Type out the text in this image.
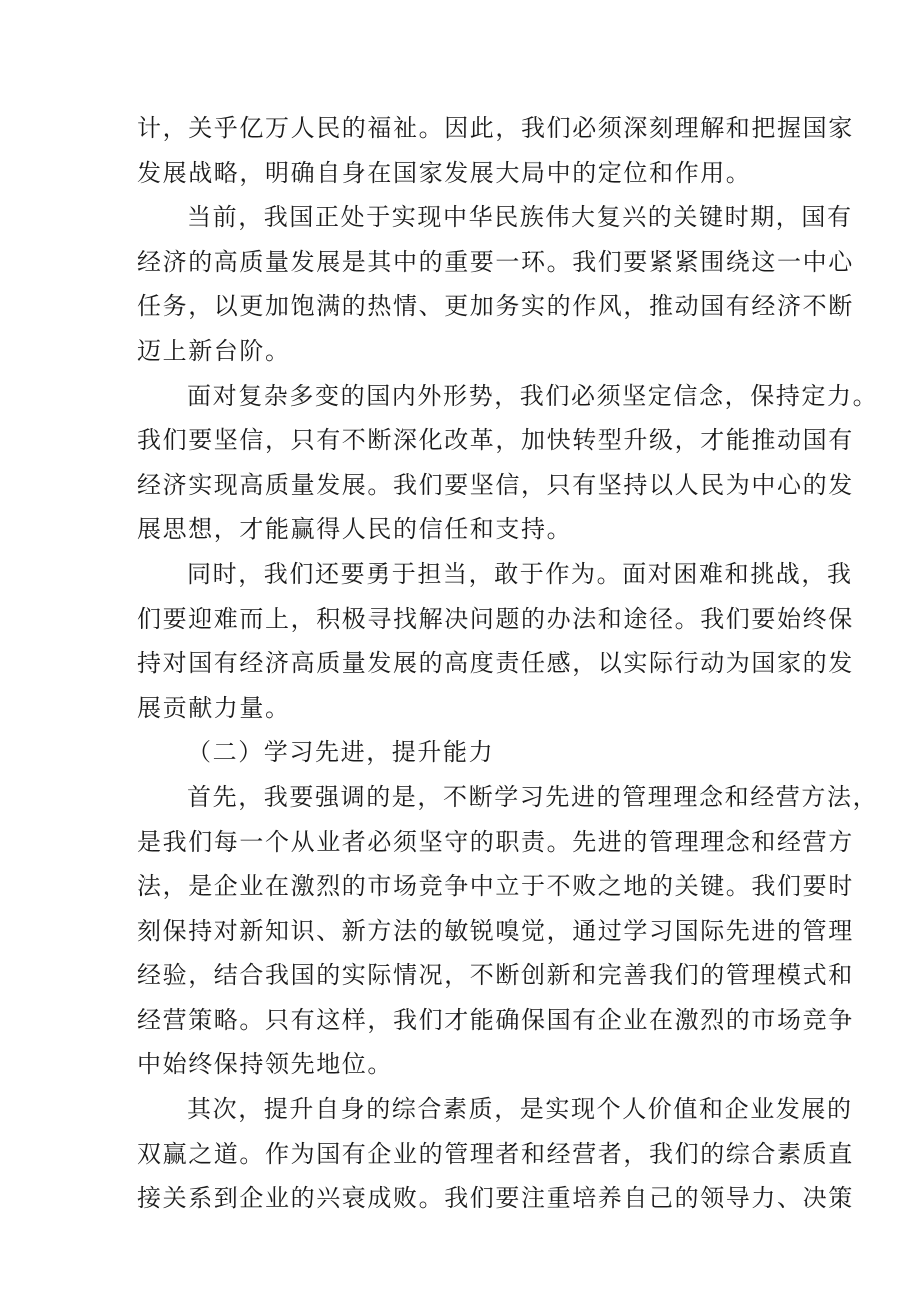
计，关乎亿万人民的福祉。因此，我们必须深刻理解和把握国家
发展战略，明确自身在国家发展大局中的定位和作用。
当前，我国正处于实现中华民族伟大复兴的关键时期，国有
经济的高质量发展是其中的重要一环。我们要紧紧围绕这一中心
任务，以更加饱满的热情、更加务实的作风，推动国有经济不断
迈上新台阶。
面对复杂多变的国内外形势，我们必须坚定信念，保持定力。
我们要坚信，只有不断深化改革，加快转型升级，才能推动国有
经济实现高质量发展。我们要坚信，只有坚持以人民为中心的发
展思想，才能赢得人民的信任和支持。
同时，我们还要勇于担当，敢于作为。面对困难和挑战，我
们要迎难而上，积极寻找解决问题的办法和途径。我们要始终保
持对国有经济高质量发展的高度责任感，以实际行动为国家的发
展贡献力量。
（二）学习先进，提升能力
首先，我要强调的是，不断学习先进的管理理念和经营方法，
是我们每一个从业者必须坚守的职责。先进的管理理念和经营方
法，是企业在激烈的市场竞争中立于不败之地的关键。我们要时
刻保持对新知识、新方法的敏锐嗅觉，通过学习国际先进的管理
经验，结合我国的实际情况，不断创新和完善我们的管理模式和
经营策略。只有这样，我们才能确保国有企业在激烈的市场竞争
中始终保持领先地位。
其次，提升自身的综合素质，是实现个人价值和企业发展的
双赢之道。作为国有企业的管理者和经营者，我们的综合素质直
接关系到企业的兴衰成败。我们要注重培养自己的领导力、决策
